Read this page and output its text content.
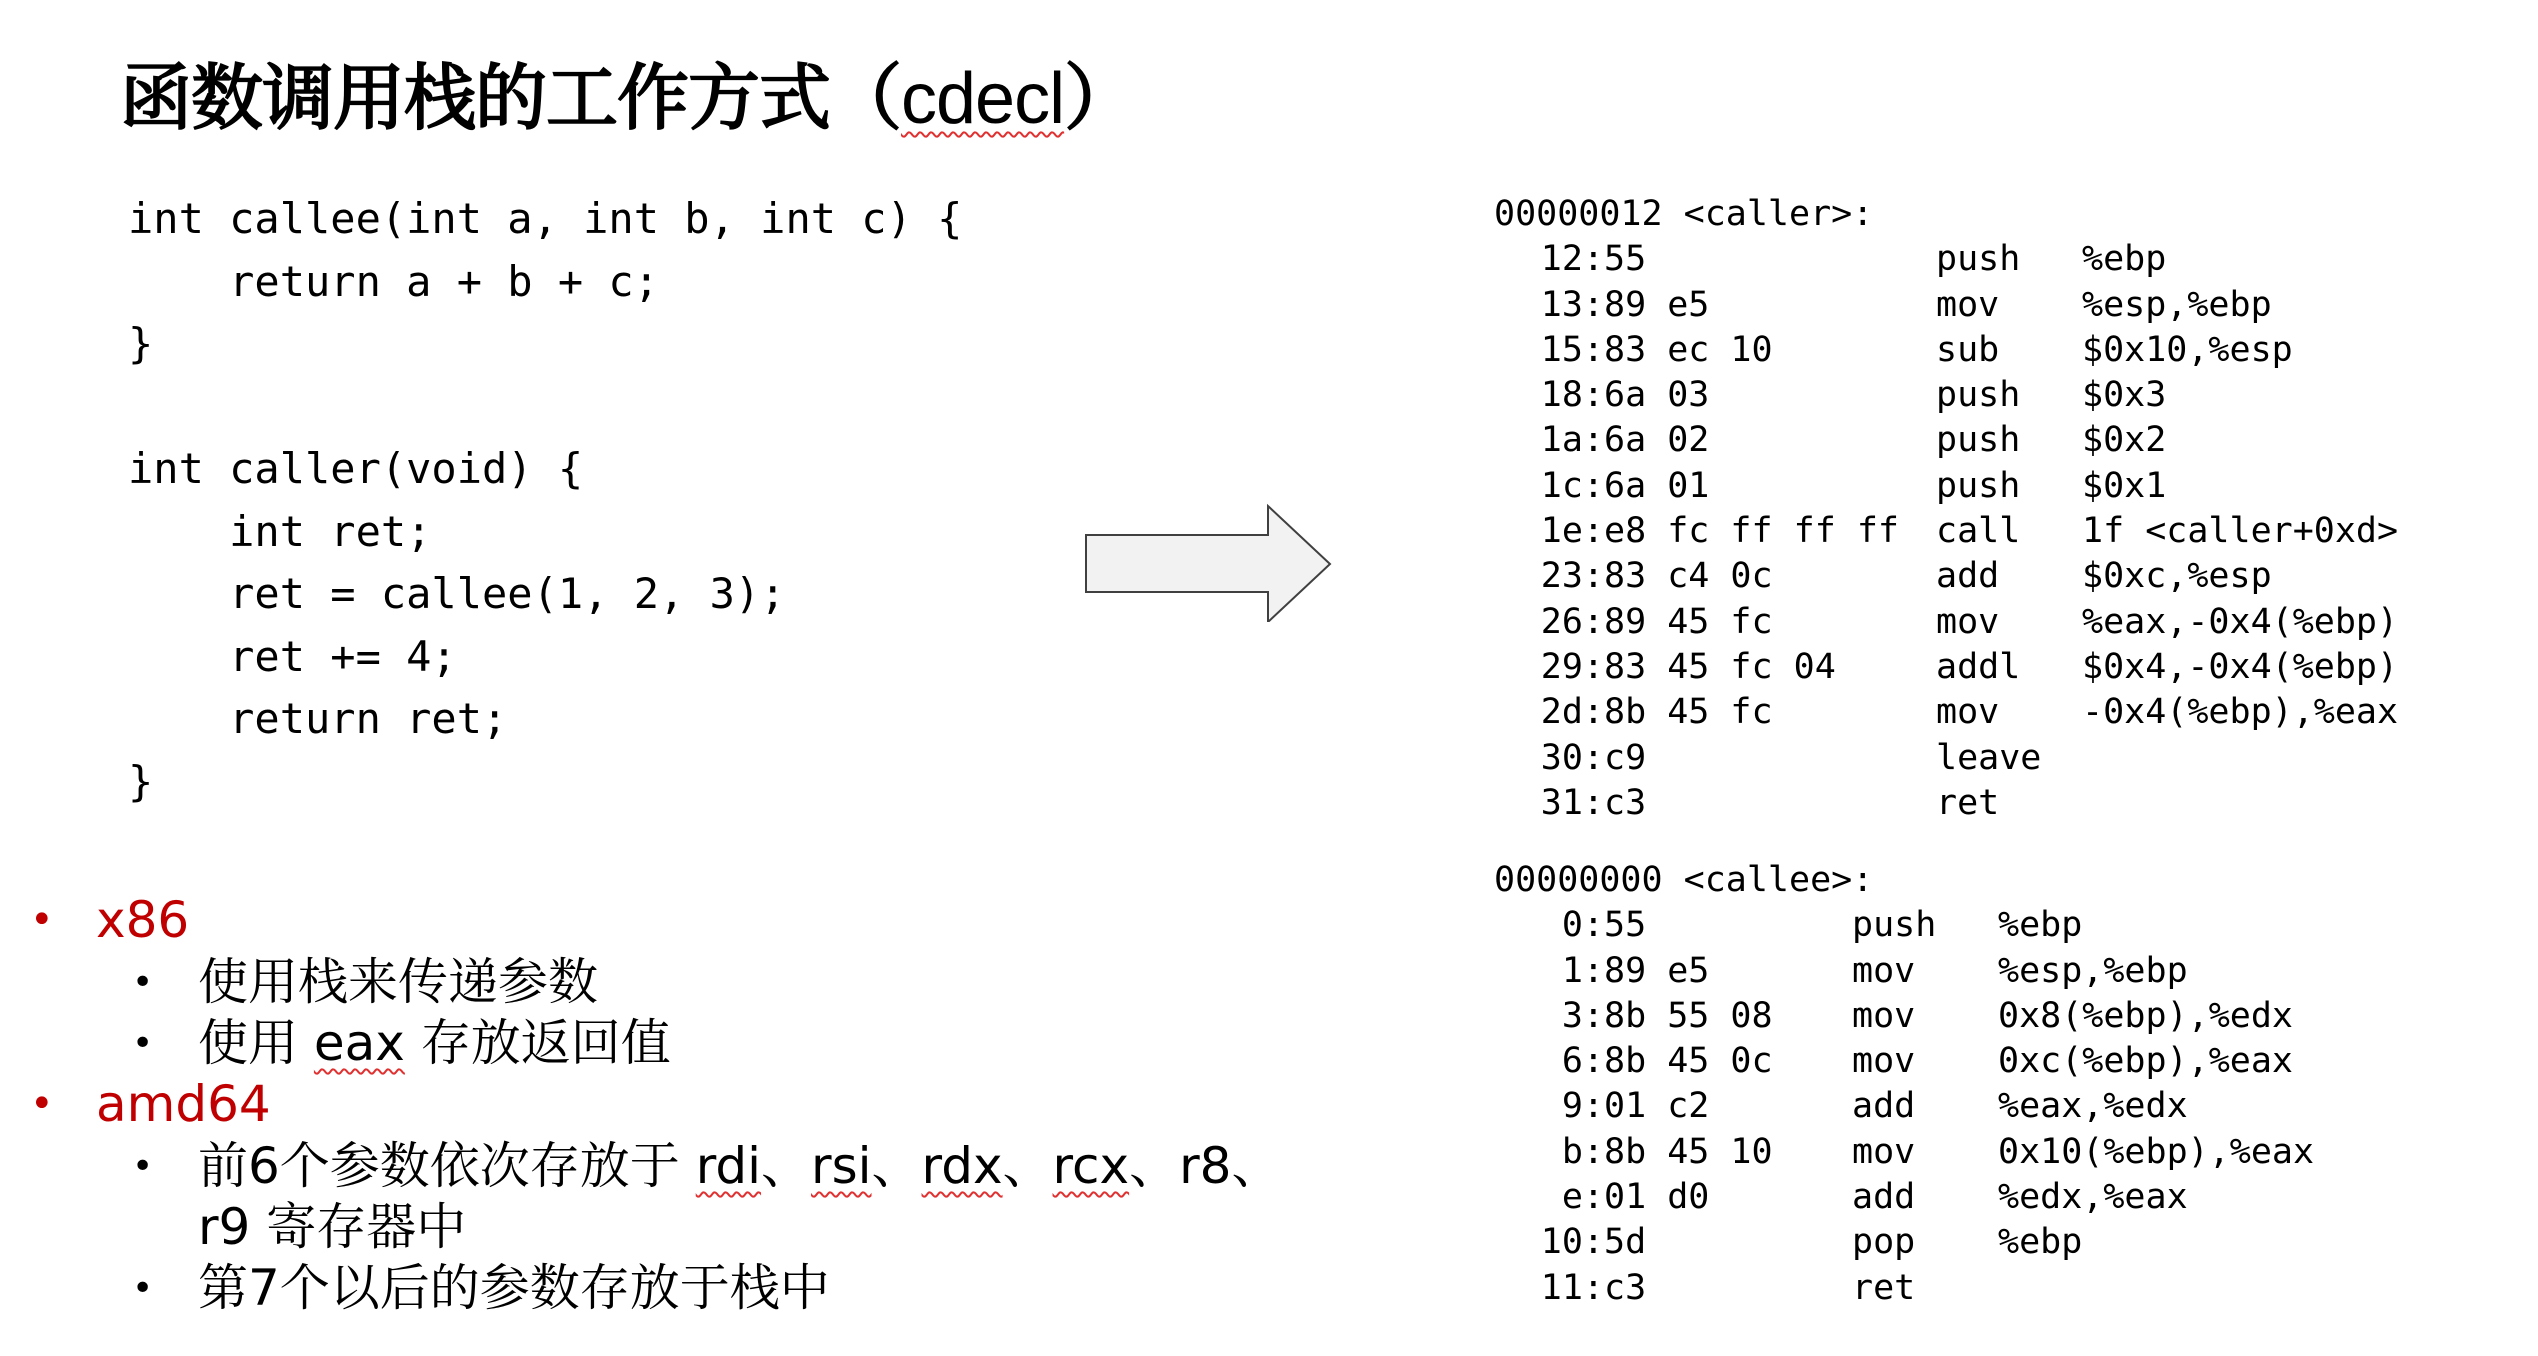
函数调用栈的工作方式（cdecl）
int callee(int a, int b, int c) {
return a + b + c;
}

int caller(void) {
int ret;
ret = callee(1, 2, 3);
ret += 4;
return ret;
}

00000012 <caller>:
12: 55	push	%ebp
13: 89 e5	mov	%esp,%ebp
15: 83 ec 10	sub	$0x10,%esp
18: 6a 03	push	$0x3
1a: 6a 02	push	$0x2
1c: 6a 01	push	$0x1
1e: e8 fc ff ff ff	call	1f <caller+0xd>
23: 83 c4 0c	add	$0xc,%esp
26: 89 45 fc	mov	%eax,-0x4(%ebp)
29: 83 45 fc 04	addl	$0x4,-0x4(%ebp)
2d: 8b 45 fc	mov	-0x4(%ebp),%eax
30: c9	leave
31: c3	ret
00000000 <callee>:
0: 55	push	%ebp
1: 89 e5	mov	%esp,%ebp
3: 8b 55 08	mov	0x8(%ebp),%edx
6: 8b 45 0c	mov	0xc(%ebp),%eax
9: 01 c2	add	%eax,%edx
b: 8b 45 10	mov	0x10(%ebp),%eax
e: 01 d0	add	%edx,%eax
10: 5d	pop	%ebp
11: c3	ret
• x86
• 使用栈来传递参数
• 使用 eax 存放返回值
• amd64
• 前6个参数依次存放于 rdi、rsi、rdx、rcx、r8、
r9 寄存器中
• 第7个以后的参数存放于栈中
